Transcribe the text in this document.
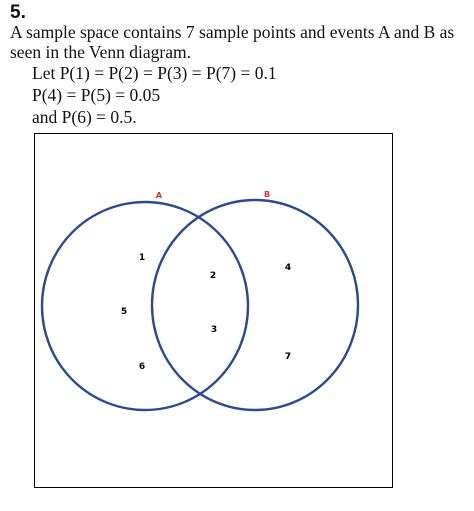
5.
A sample space contains 7 sample points and events A and B as
seen in the Venn diagram.
Let P(1) = P(2) = P(3) = P(7) = 0.1
P(4) = P(5) = 0.05
and P(6) = 0.5.
A	B
1
2
3
4
5
6
7
